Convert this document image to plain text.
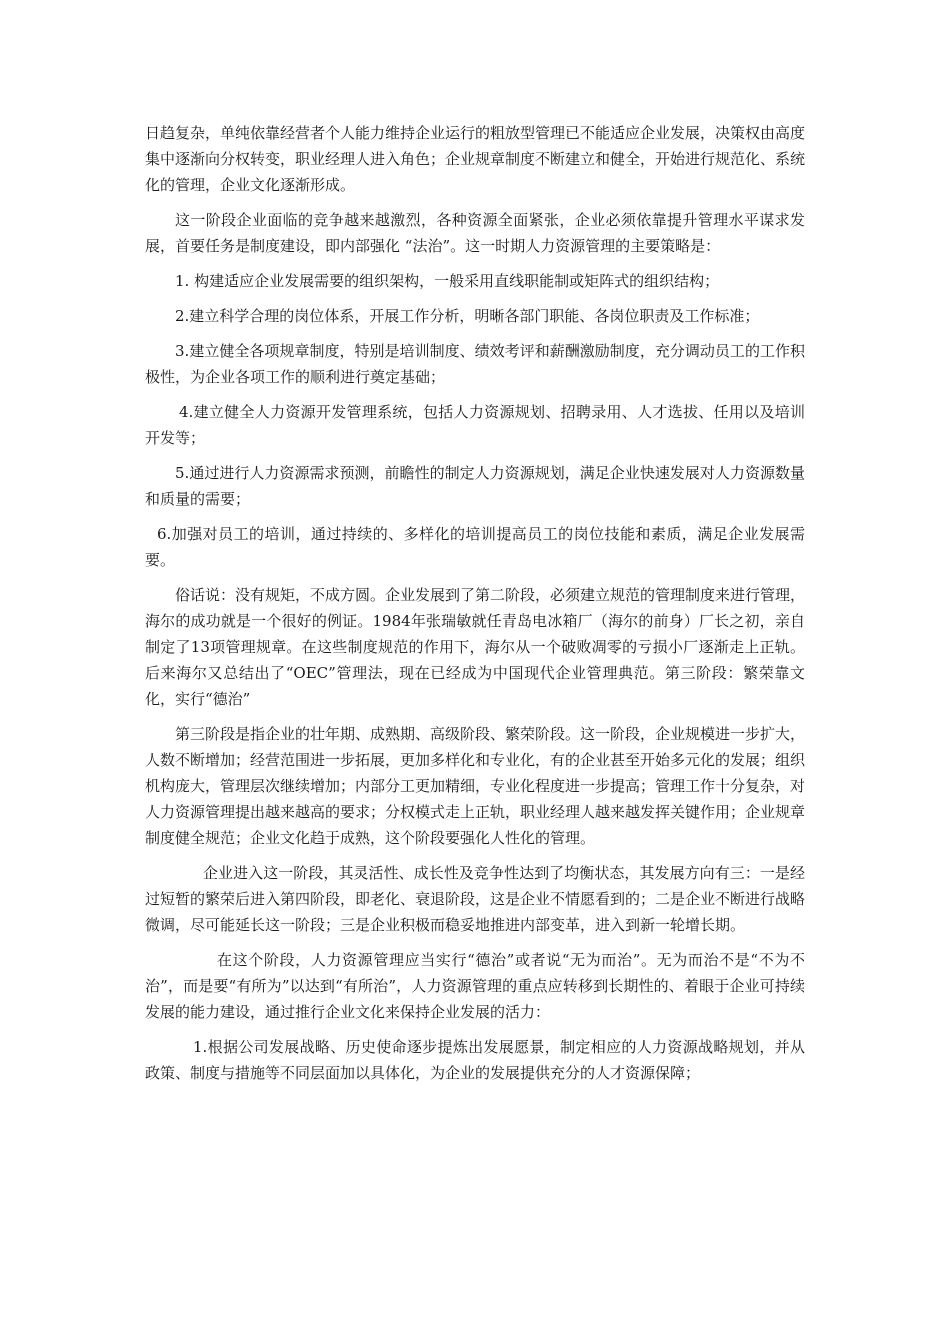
日趋复杂，单纯依靠经营者个人能力维持企业运行的粗放型管理已不能适应企业发展，决策权由高度集中逐渐向分权转变，职业经理人进入角色；企业规章制度不断建立和健全，开始进行规范化、系统化的管理，企业文化逐渐形成。

这一阶段企业面临的竞争越来越激烈，各种资源全面紧张，企业必须依靠提升管理水平谋求发展，首要任务是制度建设，即内部强化 “法治”。这一时期人力资源管理的主要策略是：

1. 构建适应企业发展需要的组织架构，一般采用直线职能制或矩阵式的组织结构；

2.建立科学合理的岗位体系，开展工作分析，明晰各部门职能、各岗位职责及工作标准；

3.建立健全各项规章制度，特别是培训制度、绩效考评和薪酬激励制度，充分调动员工的工作积极性，为企业各项工作的顺利进行奠定基础；

4.建立健全人力资源开发管理系统，包括人力资源规划、招聘录用、人才选拔、任用以及培训开发等；

5.通过进行人力资源需求预测，前瞻性的制定人力资源规划，满足企业快速发展对人力资源数量和质量的需要；

6.加强对员工的培训，通过持续的、多样化的培训提高员工的岗位技能和素质，满足企业发展需要。

俗话说：没有规矩，不成方圆。企业发展到了第二阶段，必须建立规范的管理制度来进行管理，海尔的成功就是一个很好的例证。1984年张瑞敏就任青岛电冰箱厂（海尔的前身）厂长之初，亲自制定了13项管理规章。在这些制度规范的作用下，海尔从一个破败凋零的亏损小厂逐渐走上正轨。后来海尔又总结出了“OEC”管理法，现在已经成为中国现代企业管理典范。第三阶段：繁荣靠文化，实行“德治”

第三阶段是指企业的壮年期、成熟期、高级阶段、繁荣阶段。这一阶段，企业规模进一步扩大，人数不断增加；经营范围进一步拓展，更加多样化和专业化，有的企业甚至开始多元化的发展；组织机构庞大，管理层次继续增加；内部分工更加精细，专业化程度进一步提高；管理工作十分复杂，对人力资源管理提出越来越高的要求；分权模式走上正轨，职业经理人越来越发挥关键作用；企业规章制度健全规范；企业文化趋于成熟，这个阶段要强化人性化的管理。

企业进入这一阶段，其灵活性、成长性及竞争性达到了均衡状态，其发展方向有三：一是经过短暂的繁荣后进入第四阶段，即老化、衰退阶段，这是企业不情愿看到的；二是企业不断进行战略微调，尽可能延长这一阶段；三是企业积极而稳妥地推进内部变革，进入到新一轮增长期。

在这个阶段，人力资源管理应当实行“德治”或者说“无为而治”。无为而治不是“不为不治”，而是要“有所为”以达到“有所治”，人力资源管理的重点应转移到长期性的、着眼于企业可持续发展的能力建设，通过推行企业文化来保持企业发展的活力：

1.根据公司发展战略、历史使命逐步提炼出发展愿景，制定相应的人力资源战略规划，并从政策、制度与措施等不同层面加以具体化，为企业的发展提供充分的人才资源保障；
